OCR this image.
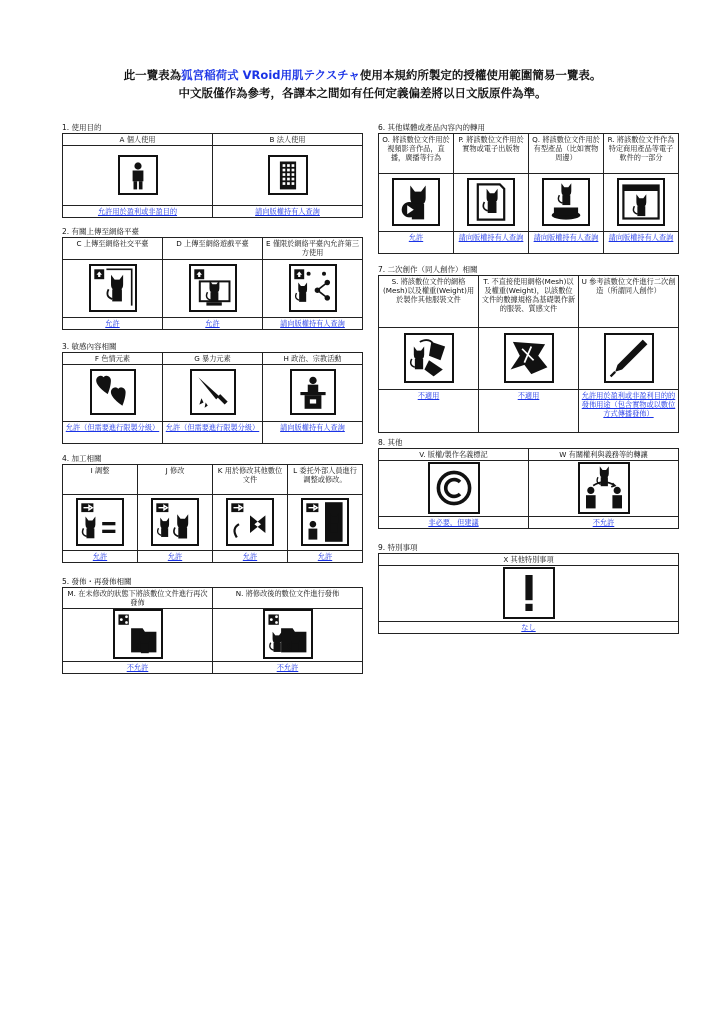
此一覽表為狐宮稲荷式 VRoid用肌テクスチャ使用本規約所製定的授權使用範圍簡易一覽表。
中文版僅作為參考，各譯本之間如有任何定義偏差將以日文版原件為準。
1. 使用目的
A 個人使用	B 法人使用

允許用於盈利或非盈目的	請向版權持有人查詢
2. 有關上傳至網絡平臺
C 上傳至網絡社交平臺	D 上傳至網絡遊戲平臺	E 僅限於網絡平臺內允許第三方使用

允許	允許	請向版權持有人查詢
3. 敏感內容相關
F 色情元素	G 暴力元素	H 政治、宗教活動

允許（但需要進行限製分級）	允許（但需要進行限製分級）	請向版權持有人查詢
4. 加工相關
I 調整	J 修改	K 用於修改其他數位文件	L 委托外部人員進行調整或修改。

允許	允許	允許	允許
5. 發佈・再發佈相關
M. 在未修改的狀態下將該數位文件進行再次發佈	N. 將修改後的數位文件進行發佈

不允許	不允許
6. 其他媒體或產品內容內的轉用
O. 將該數位文件用於視頻影音作品，直播，廣播等行為	P. 將該數位文件用於實物或電子出版物	Q. 將該數位文件用於有型產品（比如實物周邊）	R. 將該數位文件作為特定商用產品等電子軟件的一部分

允許	請向版權持有人查詢	請向版權持有人查詢	請向版權持有人查詢
7. 二次創作（同人創作）相關
S. 將該數位文件的網格(Mesh)以及權重(Weight)用於製作其他服裝文件	T. 不直接使用網格(Mesh)以及權重(Weight)，以該數位文件的數據規格為基礎製作新的服裝、質感文件	U 參考該數位文件進行二次創造（所謂同人創作）

不適用	不適用	允許用於盈利或非盈利目的的發佈用途（包含實物或以數位方式傳播發佈）
8. 其他
V. 版權/製作名義標記	W 有關權利與義務等的轉讓

非必要，但建議	不允許
9. 特別事項
X 其他特別事項

なし
